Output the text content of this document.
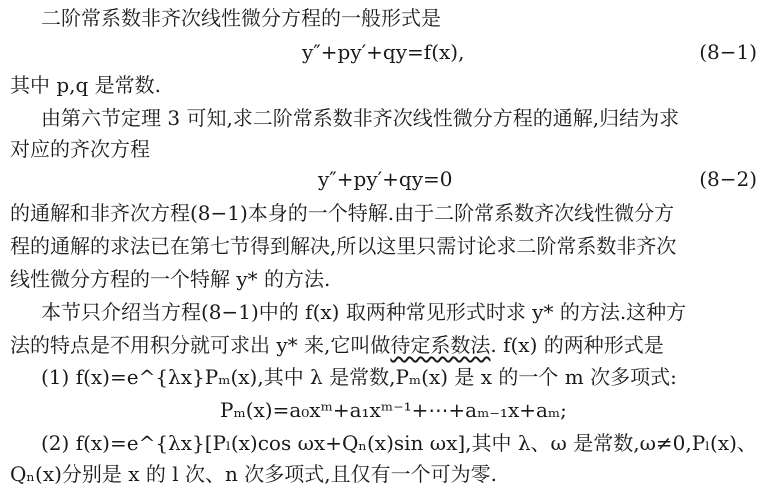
二阶常系数非齐次线性微分方程的一般形式是
y″+py′+qy=f(x),	(8−1)
其中 p,q 是常数.
由第六节定理 3 可知,求二阶常系数非齐次线性微分方程的通解,归结为求
对应的齐次方程
y″+py′+qy=0	(8−2)
的通解和非齐次方程(8−1)本身的一个特解.由于二阶常系数齐次线性微分方
程的通解的求法已在第七节得到解决,所以这里只需讨论求二阶常系数非齐次
线性微分方程的一个特解 y* 的方法.
本节只介绍当方程(8−1)中的 f(x) 取两种常见形式时求 y* 的方法.这种方
法的特点是不用积分就可求出 y* 来,它叫做待定系数法. f(x) 的两种形式是
(1) f(x)=e^{λx}Pₘ(x),其中 λ 是常数,Pₘ(x) 是 x 的一个 m 次多项式:
Pₘ(x)=a₀xᵐ+a₁xᵐ⁻¹+⋯+aₘ₋₁x+aₘ;
(2) f(x)=e^{λx}[Pₗ(x)cos ωx+Qₙ(x)sin ωx],其中 λ、ω 是常数,ω≠0,Pₗ(x)、
Qₙ(x)分别是 x 的 l 次、n 次多项式,且仅有一个可为零.
